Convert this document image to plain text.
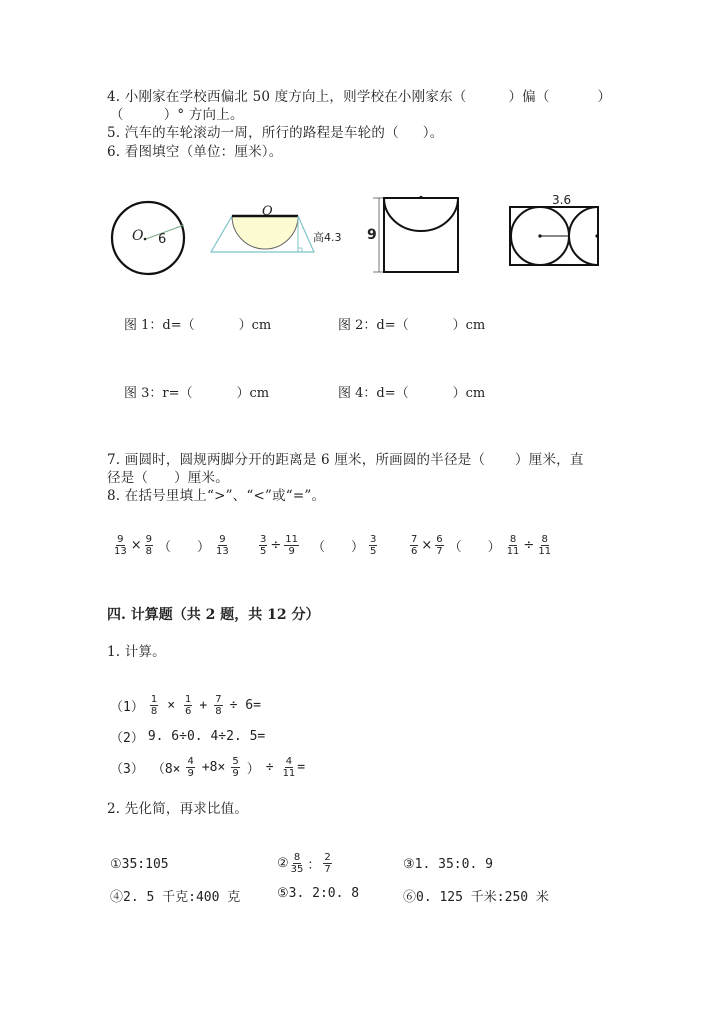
4. 小刚家在学校西偏北 50 度方向上，则学校在小刚家东（	）偏（	）
（	）° 方向上。
5. 汽车的车轮滚动一周，所行的路程是车轮的（ ）。
6. 看图填空（单位：厘米）。
O 6
O
高4.3 9
3.6
图 1：d=（	）cm	图 2：d=（	）cm
图 3：r=（	）cm	图 4：d=（	）cm
7. 画圆时，圆规两脚分开的距离是 6 厘米，所画圆的半径是（ ）厘米，直
径是（ ）厘米。
8. 在括号里填上“>”、“<”或“=”。
$\frac{9}{13} \times \frac{9}{8}$ （ ） $\frac{9}{13}$	$\frac{3}{5} \div \frac{11}{9}$ （ ） $\frac{3}{5}$	$\frac{7}{6} \times \frac{6}{7}$ （ ） $\frac{8}{11} \div \frac{8}{11}$
四. 计算题（共 2 题，共 12 分）
1. 计算。
$(1) \frac{1}{8} \times \frac{1}{6} + \frac{7}{8} \div 6=$
（2） 9. 6÷0. 4÷2. 5=
（3） （$8\times \frac{4}{9} +8\times \frac{5}{9}$ ） ÷ $\frac{4}{11}$ =
2. 先化简，再求比值。
①35:105	② $\frac{8}{35}$ ： $\frac{2}{7}$	③1. 35:0. 9
④2. 5 千克:400 克	⑤3. 2:0. 8	⑥0. 125 千米:250 米
